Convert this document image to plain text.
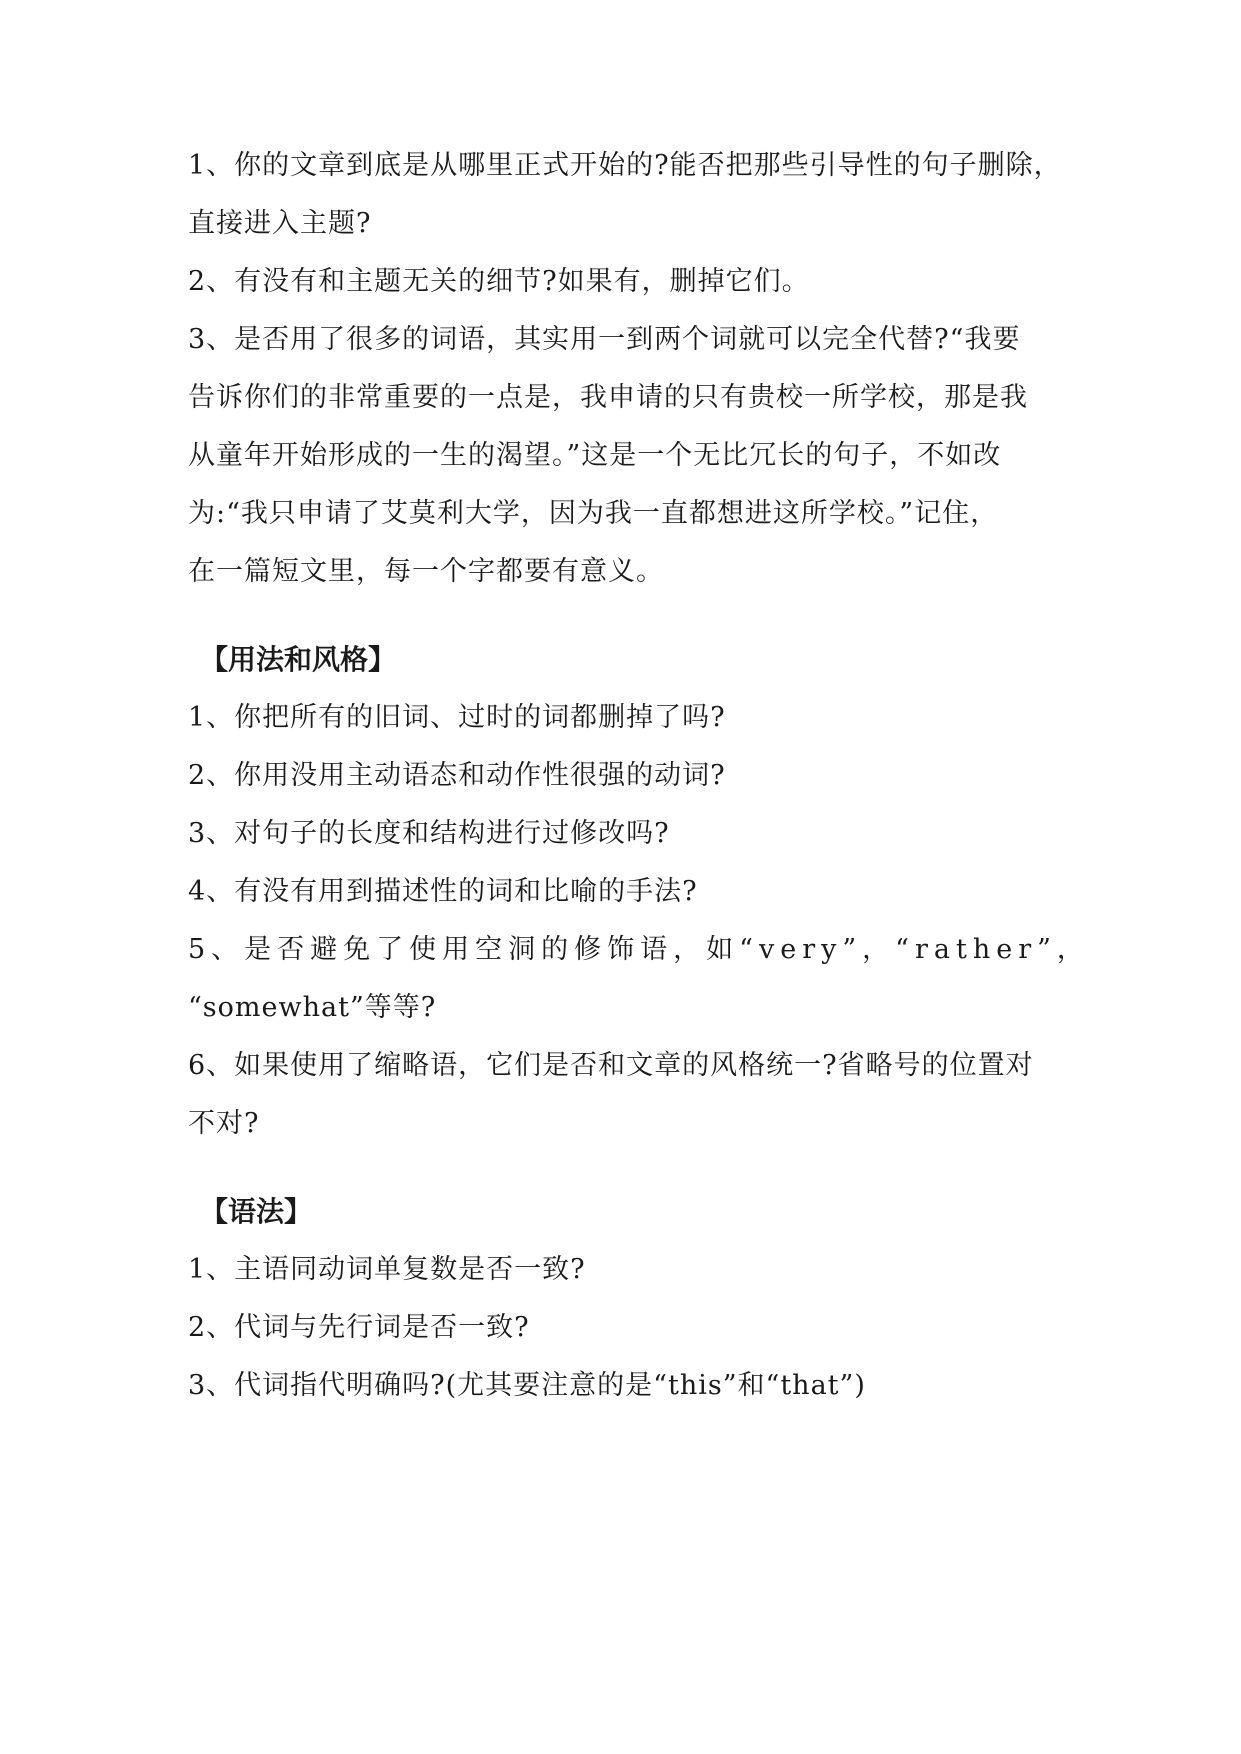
1、你的文章到底是从哪里正式开始的?能否把那些引导性的句子删除，
直接进入主题?
2、有没有和主题无关的细节?如果有，删掉它们。
3、是否用了很多的词语，其实用一到两个词就可以完全代替?“我要
告诉你们的非常重要的一点是，我申请的只有贵校一所学校，那是我
从童年开始形成的一生的渴望。”这是一个无比冗长的句子，不如改
为:“我只申请了艾莫利大学，因为我一直都想进这所学校。”记住，
在一篇短文里，每一个字都要有意义。
【用法和风格】
1、你把所有的旧词、过时的词都删掉了吗?
2、你用没用主动语态和动作性很强的动词?
3、对句子的长度和结构进行过修改吗?
4、有没有用到描述性的词和比喻的手法?
5、是否避免了使用空洞的修饰语，如“very”，“rather”，
“somewhat”等等?
6、如果使用了缩略语，它们是否和文章的风格统一?省略号的位置对
不对?
【语法】
1、主语同动词单复数是否一致?
2、代词与先行词是否一致?
3、代词指代明确吗?(尤其要注意的是“this”和“that”)
